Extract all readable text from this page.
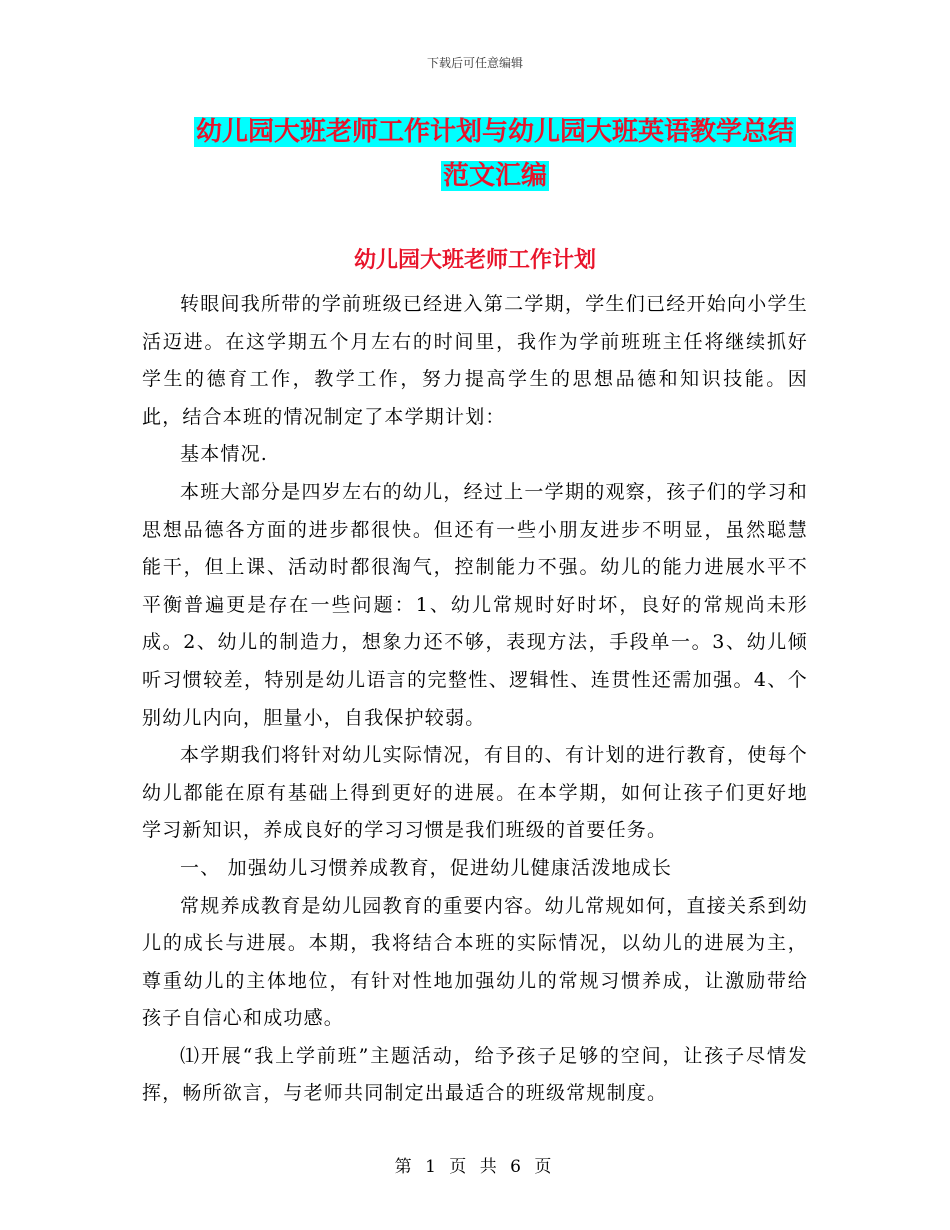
下载后可任意编辑
幼儿园大班老师工作计划与幼儿园大班英语教学总结
范文汇编
幼儿园大班老师工作计划

转眼间我所带的学前班级已经进入第二学期，学生们已经开始向小学生活迈进。在这学期五个月左右的时间里，我作为学前班班主任将继续抓好学生的德育工作，教学工作，努力提高学生的思想品德和知识技能。因此，结合本班的情况制定了本学期计划：

基本情况.

本班大部分是四岁左右的幼儿，经过上一学期的观察，孩子们的学习和思想品德各方面的进步都很快。但还有一些小朋友进步不明显，虽然聪慧能干，但上课、活动时都很淘气，控制能力不强。幼儿的能力进展水平不平衡普遍更是存在一些问题：1、幼儿常规时好时坏，良好的常规尚未形成。2、幼儿的制造力，想象力还不够，表现方法，手段单一。3、幼儿倾听习惯较差，特别是幼儿语言的完整性、逻辑性、连贯性还需加强。4、个别幼儿内向，胆量小，自我保护较弱。

本学期我们将针对幼儿实际情况，有目的、有计划的进行教育，使每个幼儿都能在原有基础上得到更好的进展。在本学期，如何让孩子们更好地学习新知识，养成良好的学习习惯是我们班级的首要任务。

一、 加强幼儿习惯养成教育，促进幼儿健康活泼地成长

常规养成教育是幼儿园教育的重要内容。幼儿常规如何，直接关系到幼儿的成长与进展。本期，我将结合本班的实际情况，以幼儿的进展为主，尊重幼儿的主体地位，有针对性地加强幼儿的常规习惯养成，让激励带给孩子自信心和成功感。

⑴开展“我上学前班”主题活动，给予孩子足够的空间，让孩子尽情发挥，畅所欲言，与老师共同制定出最适合的班级常规制度。

第 1 页 共 6 页
